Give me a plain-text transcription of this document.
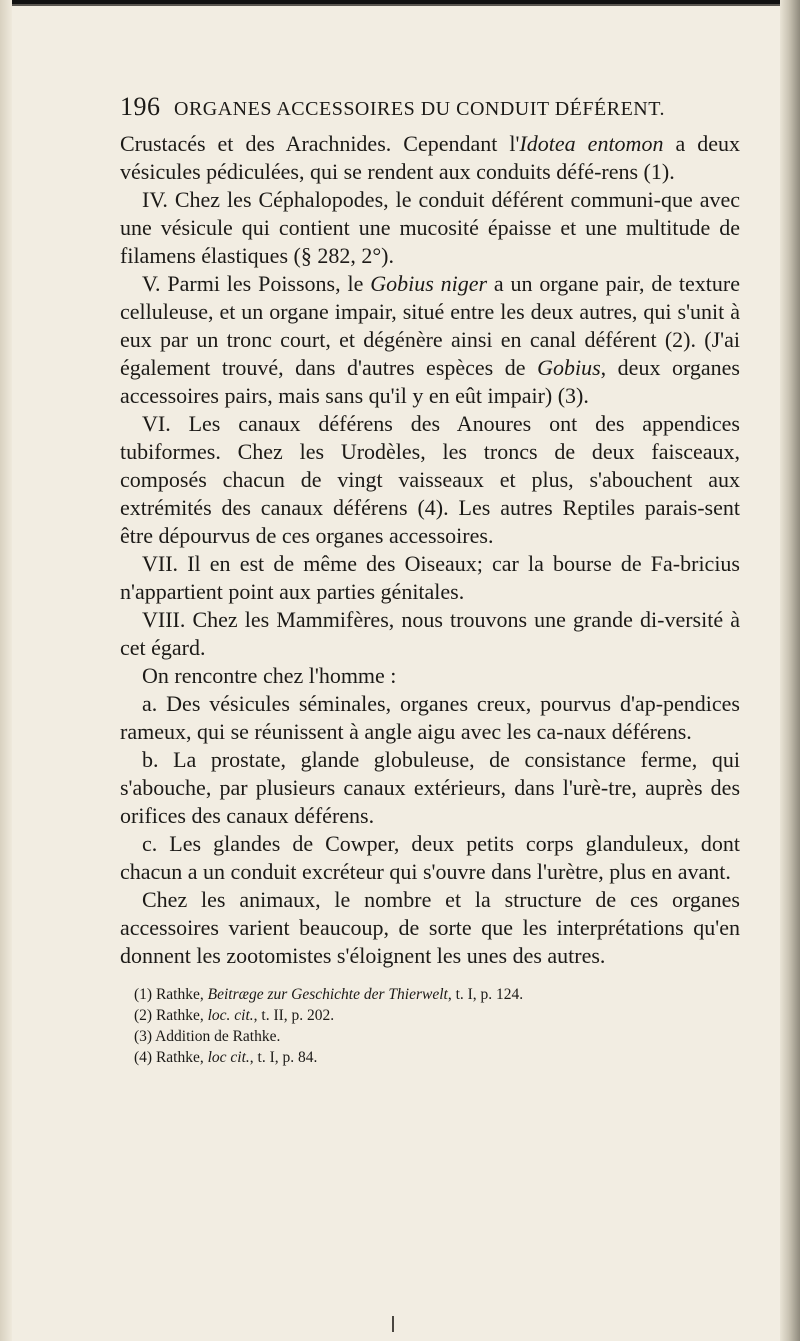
196 ORGANES ACCESSOIRES DU CONDUIT DÉFÉRENT.

Crustacés et des Arachnides. Cependant l'Idotea entomon a deux vésicules pédiculées, qui se rendent aux conduits défé-rens (1).

IV. Chez les Céphalopodes, le conduit déférent communi-que avec une vésicule qui contient une mucosité épaisse et une multitude de filamens élastiques (§ 282, 2°).

V. Parmi les Poissons, le Gobius niger a un organe pair, de texture celluleuse, et un organe impair, situé entre les deux autres, qui s'unit à eux par un tronc court, et dégénère ainsi en canal déférent (2). (J'ai également trouvé, dans d'autres espèces de Gobius, deux organes accessoires pairs, mais sans qu'il y en eût impair) (3).

VI. Les canaux déférens des Anoures ont des appendices tubiformes. Chez les Urodèles, les troncs de deux faisceaux, composés chacun de vingt vaisseaux et plus, s'abouchent aux extrémités des canaux déférens (4). Les autres Reptiles parais-sent être dépourvus de ces organes accessoires.

VII. Il en est de même des Oiseaux; car la bourse de Fa-bricius n'appartient point aux parties génitales.

VIII. Chez les Mammifères, nous trouvons une grande di-versité à cet égard.

On rencontre chez l'homme :

a. Des vésicules séminales, organes creux, pourvus d'ap-pendices rameux, qui se réunissent à angle aigu avec les ca-naux déférens.

b. La prostate, glande globuleuse, de consistance ferme, qui s'abouche, par plusieurs canaux extérieurs, dans l'urè-tre, auprès des orifices des canaux déférens.

c. Les glandes de Cowper, deux petits corps glanduleux, dont chacun a un conduit excréteur qui s'ouvre dans l'urètre, plus en avant.

Chez les animaux, le nombre et la structure de ces organes accessoires varient beaucoup, de sorte que les interprétations qu'en donnent les zootomistes s'éloignent les unes des autres.

(1) Rathke, Beitræge zur Geschichte der Thierwelt, t. I, p. 124.

(2) Rathke, loc. cit., t. II, p. 202.

(3) Addition de Rathke.

(4) Rathke, loc cit., t. I, p. 84.
